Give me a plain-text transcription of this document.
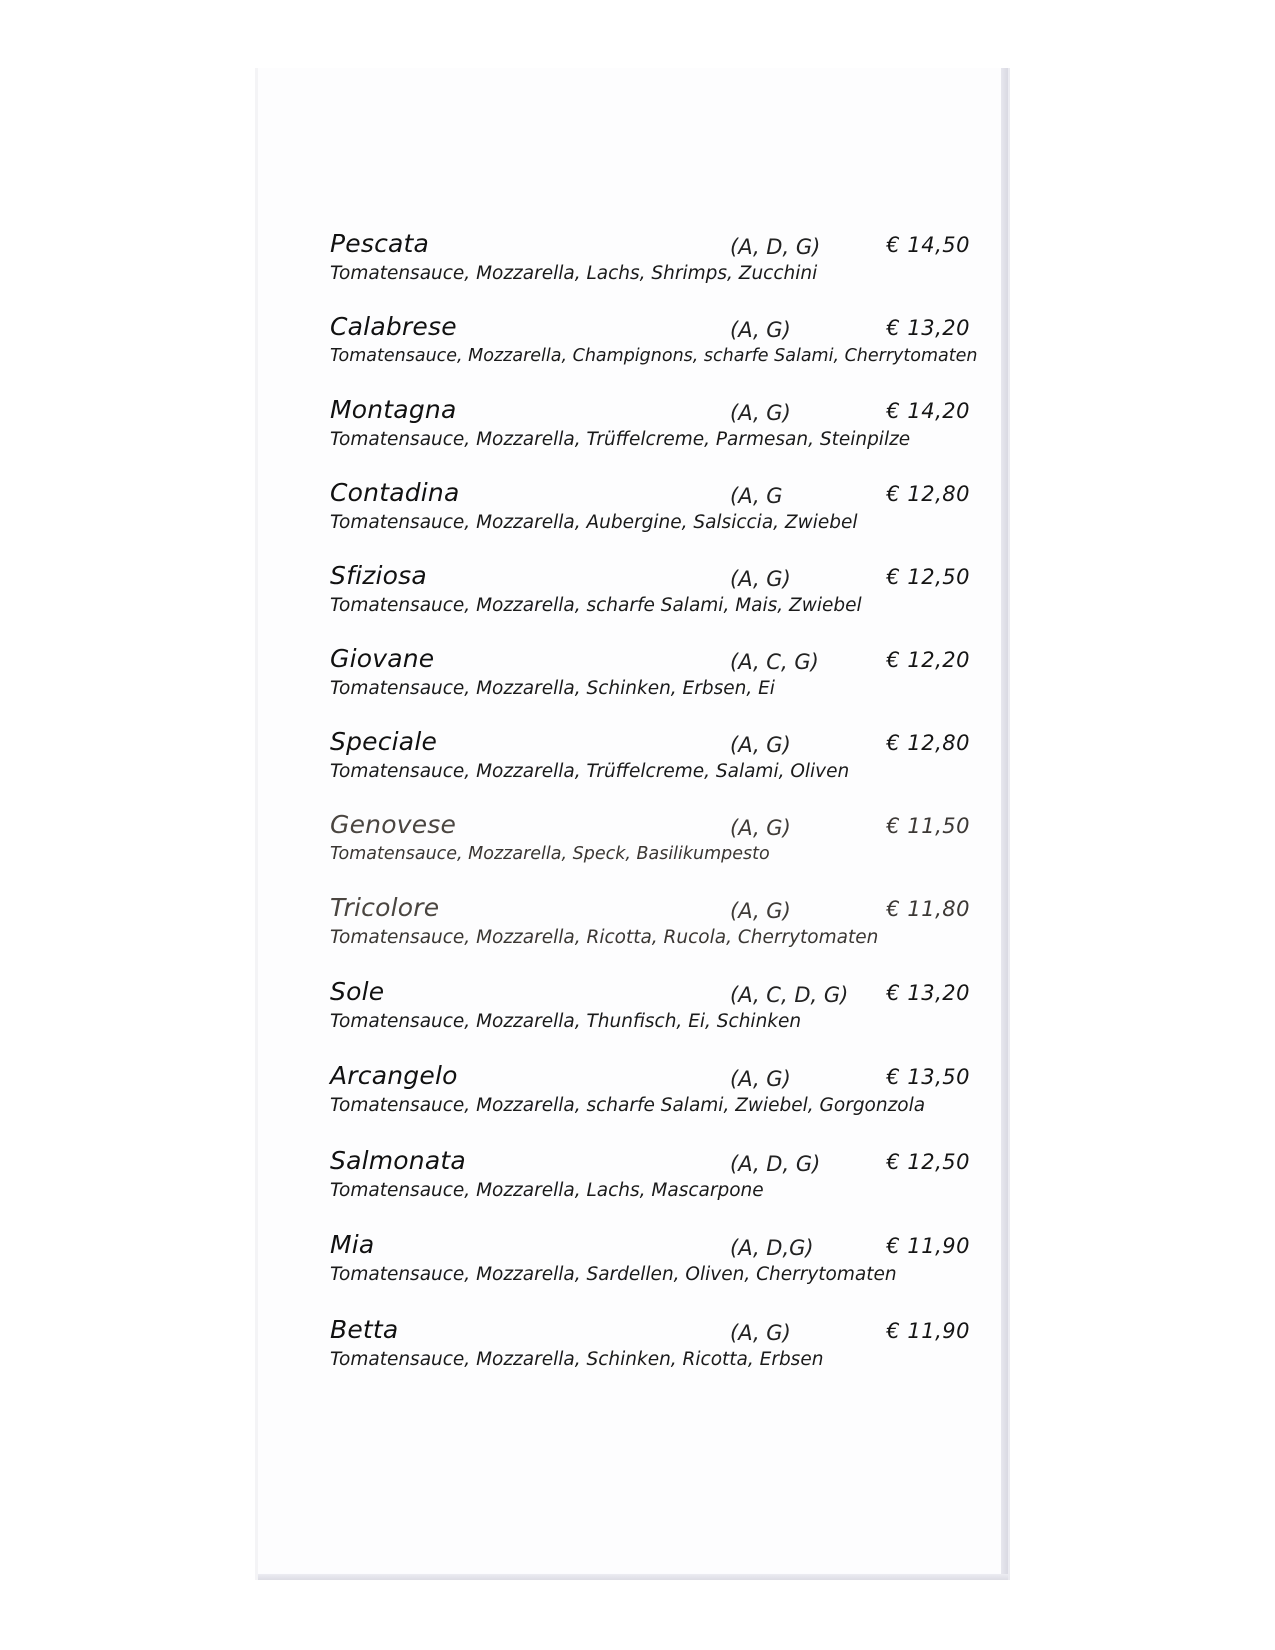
Pescata	(A, D, G)	€ 14,50
Tomatensauce, Mozzarella, Lachs, Shrimps, Zucchini
Calabrese	(A, G)	€ 13,20
Tomatensauce, Mozzarella, Champignons, scharfe Salami, Cherrytomaten
Montagna	(A, G)	€ 14,20
Tomatensauce, Mozzarella, Trüffelcreme, Parmesan, Steinpilze
Contadina	(A, G	€ 12,80
Tomatensauce, Mozzarella, Aubergine, Salsiccia, Zwiebel
Sfiziosa	(A, G)	€ 12,50
Tomatensauce, Mozzarella, scharfe Salami, Mais, Zwiebel
Giovane	(A, C, G)	€ 12,20
Tomatensauce, Mozzarella, Schinken, Erbsen, Ei
Speciale	(A, G)	€ 12,80
Tomatensauce, Mozzarella, Trüffelcreme, Salami, Oliven
Genovese	(A, G)	€ 11,50
Tomatensauce, Mozzarella, Speck, Basilikumpesto
Tricolore	(A, G)	€ 11,80
Tomatensauce, Mozzarella, Ricotta, Rucola, Cherrytomaten
Sole	(A, C, D, G) € 13,20
Tomatensauce, Mozzarella, Thunfisch, Ei, Schinken
Arcangelo	(A, G)	€ 13,50
Tomatensauce, Mozzarella, scharfe Salami, Zwiebel, Gorgonzola
Salmonata	(A, D, G)	€ 12,50
Tomatensauce, Mozzarella, Lachs, Mascarpone
Mia	(A, D,G)	€ 11,90
Tomatensauce, Mozzarella, Sardellen, Oliven, Cherrytomaten
Betta	(A, G)	€ 11,90
Tomatensauce, Mozzarella, Schinken, Ricotta, Erbsen
